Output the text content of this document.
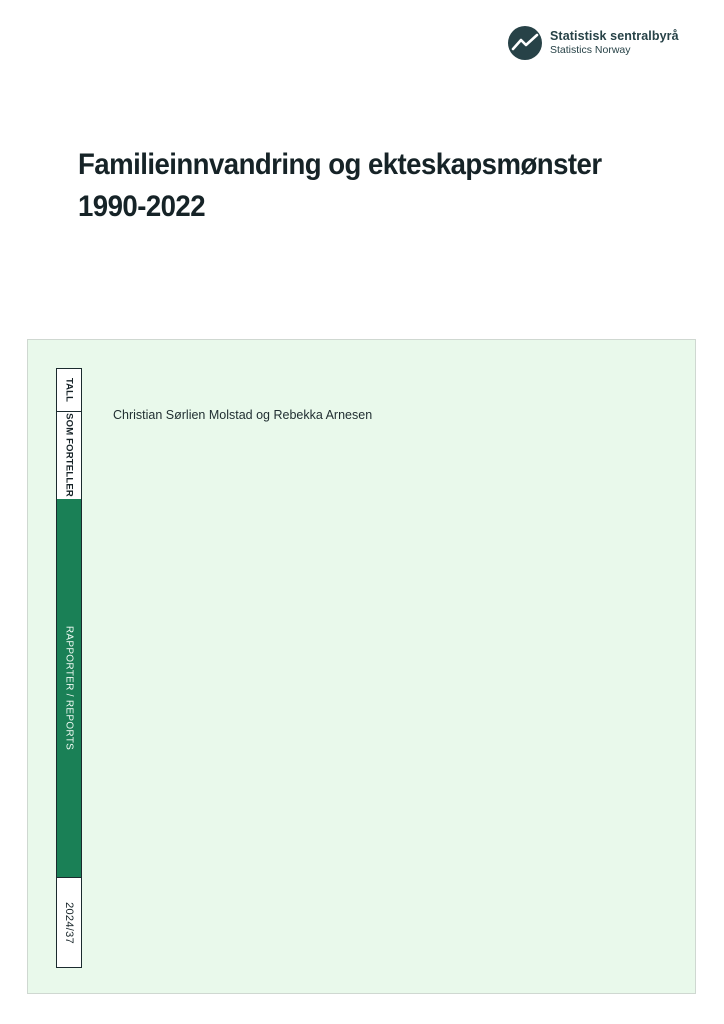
Statistisk sentralbyrå
Statistics Norway
Familieinnvandring og ekteskapsmønster
1990-2022
TALL
SOM FORTELLER
RAPPORTER / REPORTS
2024/37
Christian Sørlien Molstad og Rebekka Arnesen
